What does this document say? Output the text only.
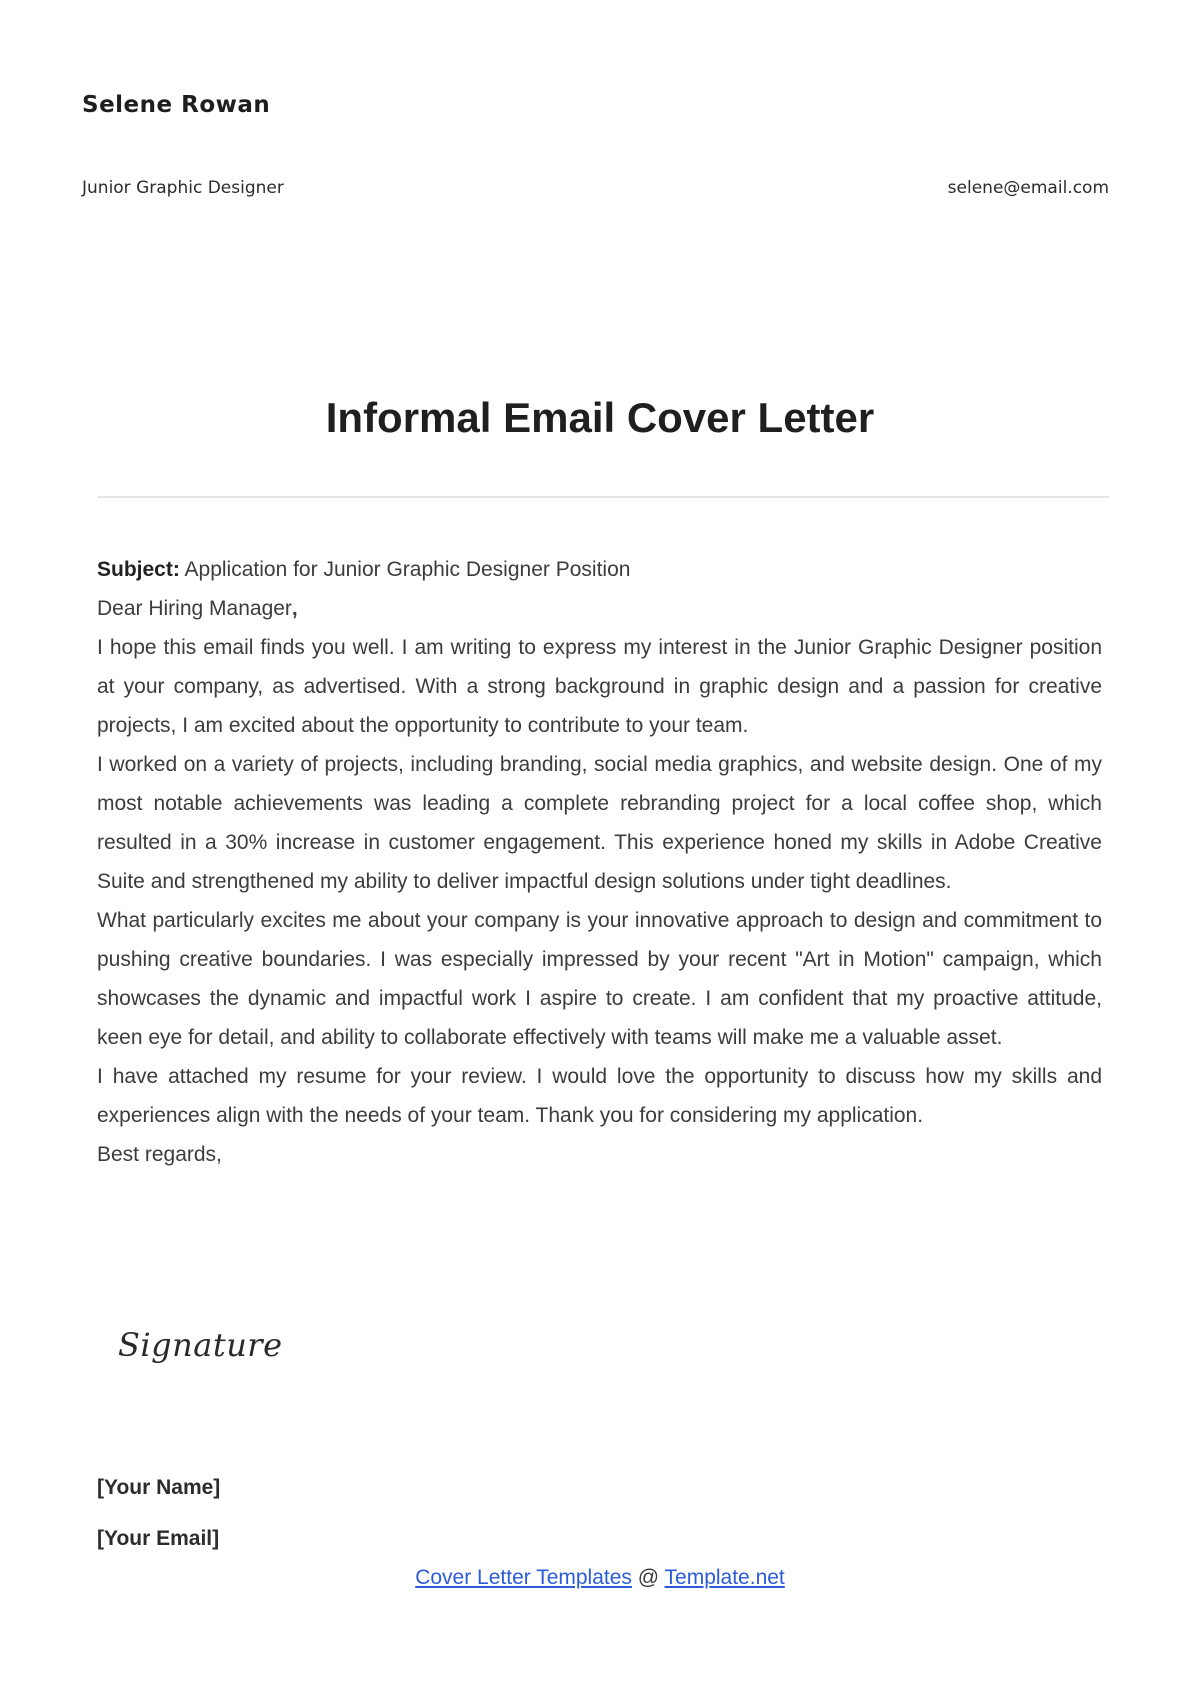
Selene Rowan
Junior Graphic Designer	selene@email.com
Informal Email Cover Letter

Subject: Application for Junior Graphic Designer Position

Dear Hiring Manager,

I hope this email finds you well. I am writing to express my interest in the Junior Graphic Designer position at your company, as advertised. With a strong background in graphic design and a passion for creative projects, I am excited about the opportunity to contribute to your team.

I worked on a variety of projects, including branding, social media graphics, and website design. One of my most notable achievements was leading a complete rebranding project for a local coffee shop, which resulted in a 30% increase in customer engagement. This experience honed my skills in Adobe Creative Suite and strengthened my ability to deliver impactful design solutions under tight deadlines.

What particularly excites me about your company is your innovative approach to design and commitment to pushing creative boundaries. I was especially impressed by your recent "Art in Motion" campaign, which showcases the dynamic and impactful work I aspire to create. I am confident that my proactive attitude, keen eye for detail, and ability to collaborate effectively with teams will make me a valuable asset.

I have attached my resume for your review. I would love the opportunity to discuss how my skills and experiences align with the needs of your team. Thank you for considering my application.

Best regards,

Signature
[Your Name]
[Your Email]
Cover Letter Templates @ Template.net
